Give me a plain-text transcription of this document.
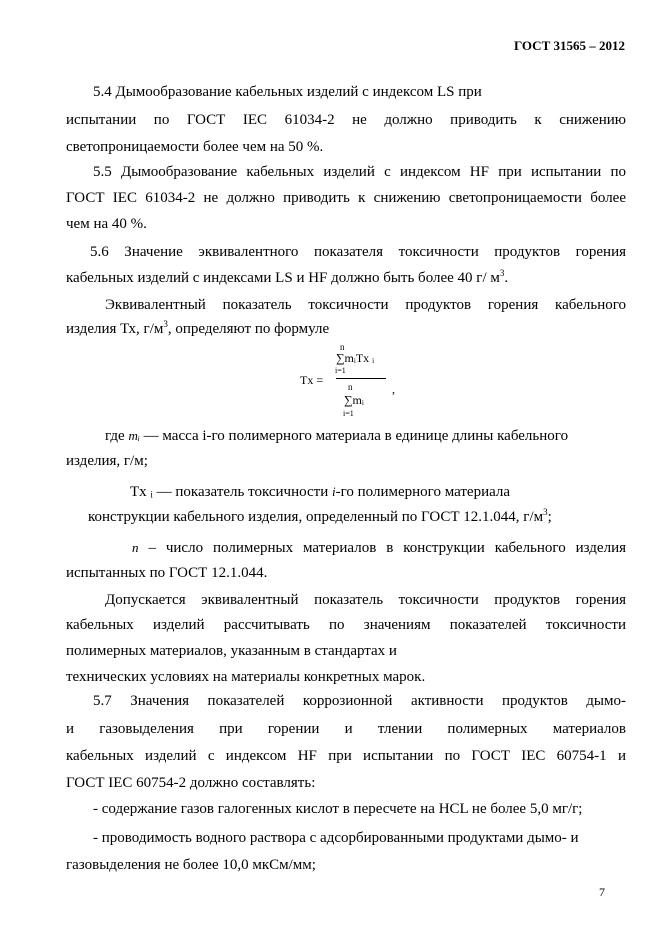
ГОСТ 31565 – 2012
5.4 Дымообразование кабельных изделий с индексом LS при
испытании по ГОСТ IEC 61034-2 не должно приводить к снижению
светопроницаемости более чем на 50 %.
5.5 Дымообразование кабельных изделий с индексом HF при испытании по
ГОСТ IEC 61034-2 не должно приводить к снижению светопроницаемости более
чем на 40 %.
5.6 Значение эквивалентного показателя токсичности продуктов горения
кабельных изделий с индексами LS и HF должно быть более 40 г/ $м^3$.
Эквивалентный показатель токсичности продуктов горения кабельного
изделия Тх, $г/м^3$, определяют по формуле
Tx =
n
∑mᵢTx ᵢ
i=1
n
∑mᵢ
i=1
,
где mᵢ — масса i-го полимерного материала в единице длины кабельного
изделия, г/м;
Tx ᵢ — показатель токсичности i-го полимерного материала
конструкции кабельного изделия, определенный по ГОСТ 12.1.044, $г/м^3$;
n – число полимерных материалов в конструкции кабельного изделия
испытанных по ГОСТ 12.1.044.
Допускается эквивалентный показатель токсичности продуктов горения
кабельных изделий рассчитывать по значениям показателей токсичности
полимерных материалов, указанным в стандартах и
технических условиях на материалы конкретных марок.
5.7 Значения показателей коррозионной активности продуктов дымо-
и газовыделения при горении и тлении полимерных материалов
кабельных изделий с индексом HF при испытании по ГОСТ IEC 60754-1 и
ГОСТ IEC 60754-2 должно составлять:
- содержание газов галогенных кислот в пересчете на HCL не более 5,0 мг/г;
- проводимость водного раствора с адсорбированными продуктами дымо- и
газовыделения не более 10,0 мкСм/мм;
7
